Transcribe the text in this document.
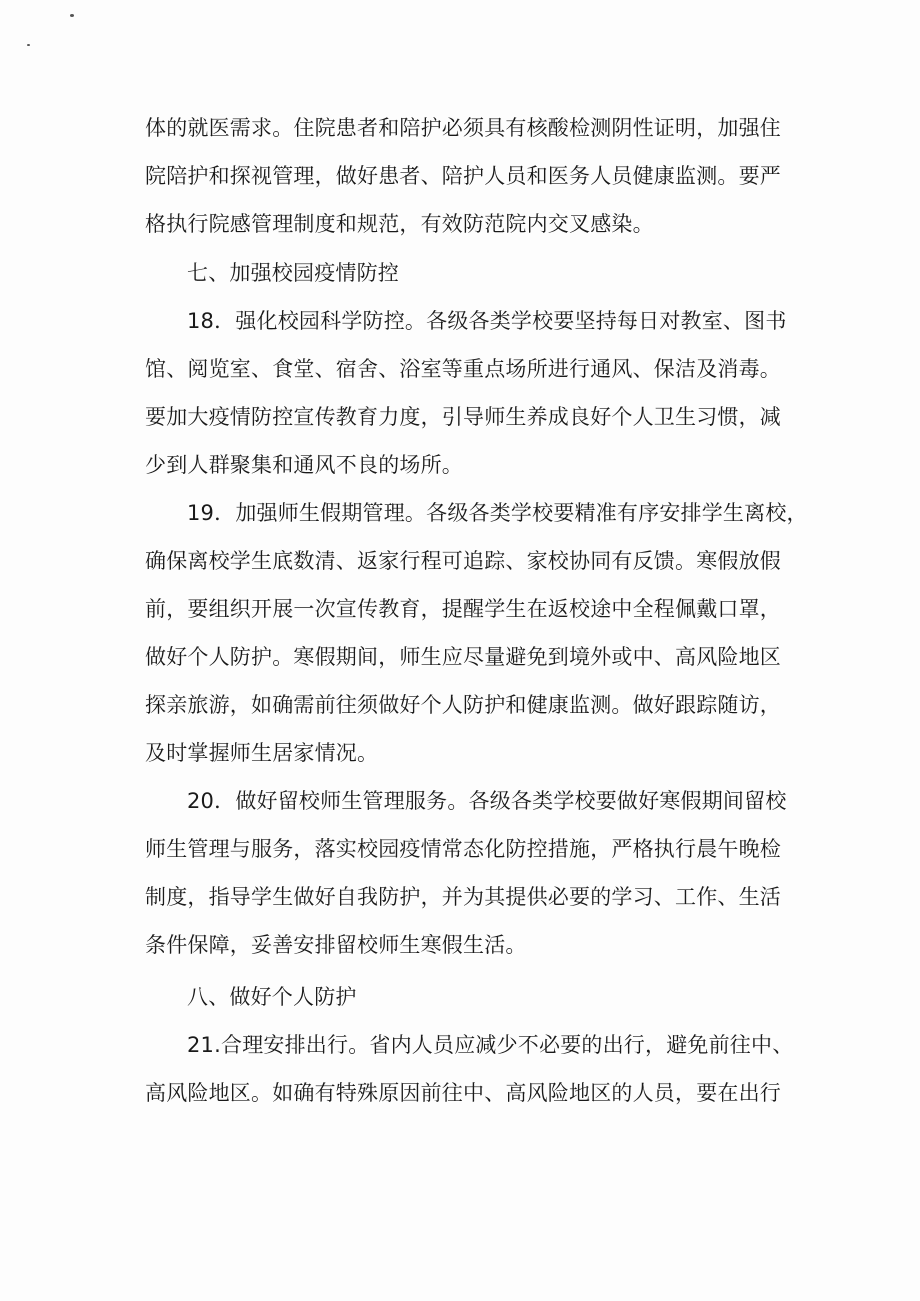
体的就医需求。住院患者和陪护必须具有核酸检测阴性证明，加强住
院陪护和探视管理，做好患者、陪护人员和医务人员健康监测。要严
格执行院感管理制度和规范，有效防范院内交叉感染。
七、加强校园疫情防控
18．强化校园科学防控。各级各类学校要坚持每日对教室、图书
馆、阅览室、食堂、宿舍、浴室等重点场所进行通风、保洁及消毒。
要加大疫情防控宣传教育力度，引导师生养成良好个人卫生习惯，减
少到人群聚集和通风不良的场所。
19．加强师生假期管理。各级各类学校要精准有序安排学生离校，
确保离校学生底数清、返家行程可追踪、家校协同有反馈。寒假放假
前，要组织开展一次宣传教育，提醒学生在返校途中全程佩戴口罩，
做好个人防护。寒假期间，师生应尽量避免到境外或中、高风险地区
探亲旅游，如确需前往须做好个人防护和健康监测。做好跟踪随访，
及时掌握师生居家情况。
20．做好留校师生管理服务。各级各类学校要做好寒假期间留校
师生管理与服务，落实校园疫情常态化防控措施，严格执行晨午晚检
制度，指导学生做好自我防护，并为其提供必要的学习、工作、生活
条件保障，妥善安排留校师生寒假生活。
八、做好个人防护
21.合理安排出行。省内人员应减少不必要的出行，避免前往中、
高风险地区。如确有特殊原因前往中、高风险地区的人员，要在出行
